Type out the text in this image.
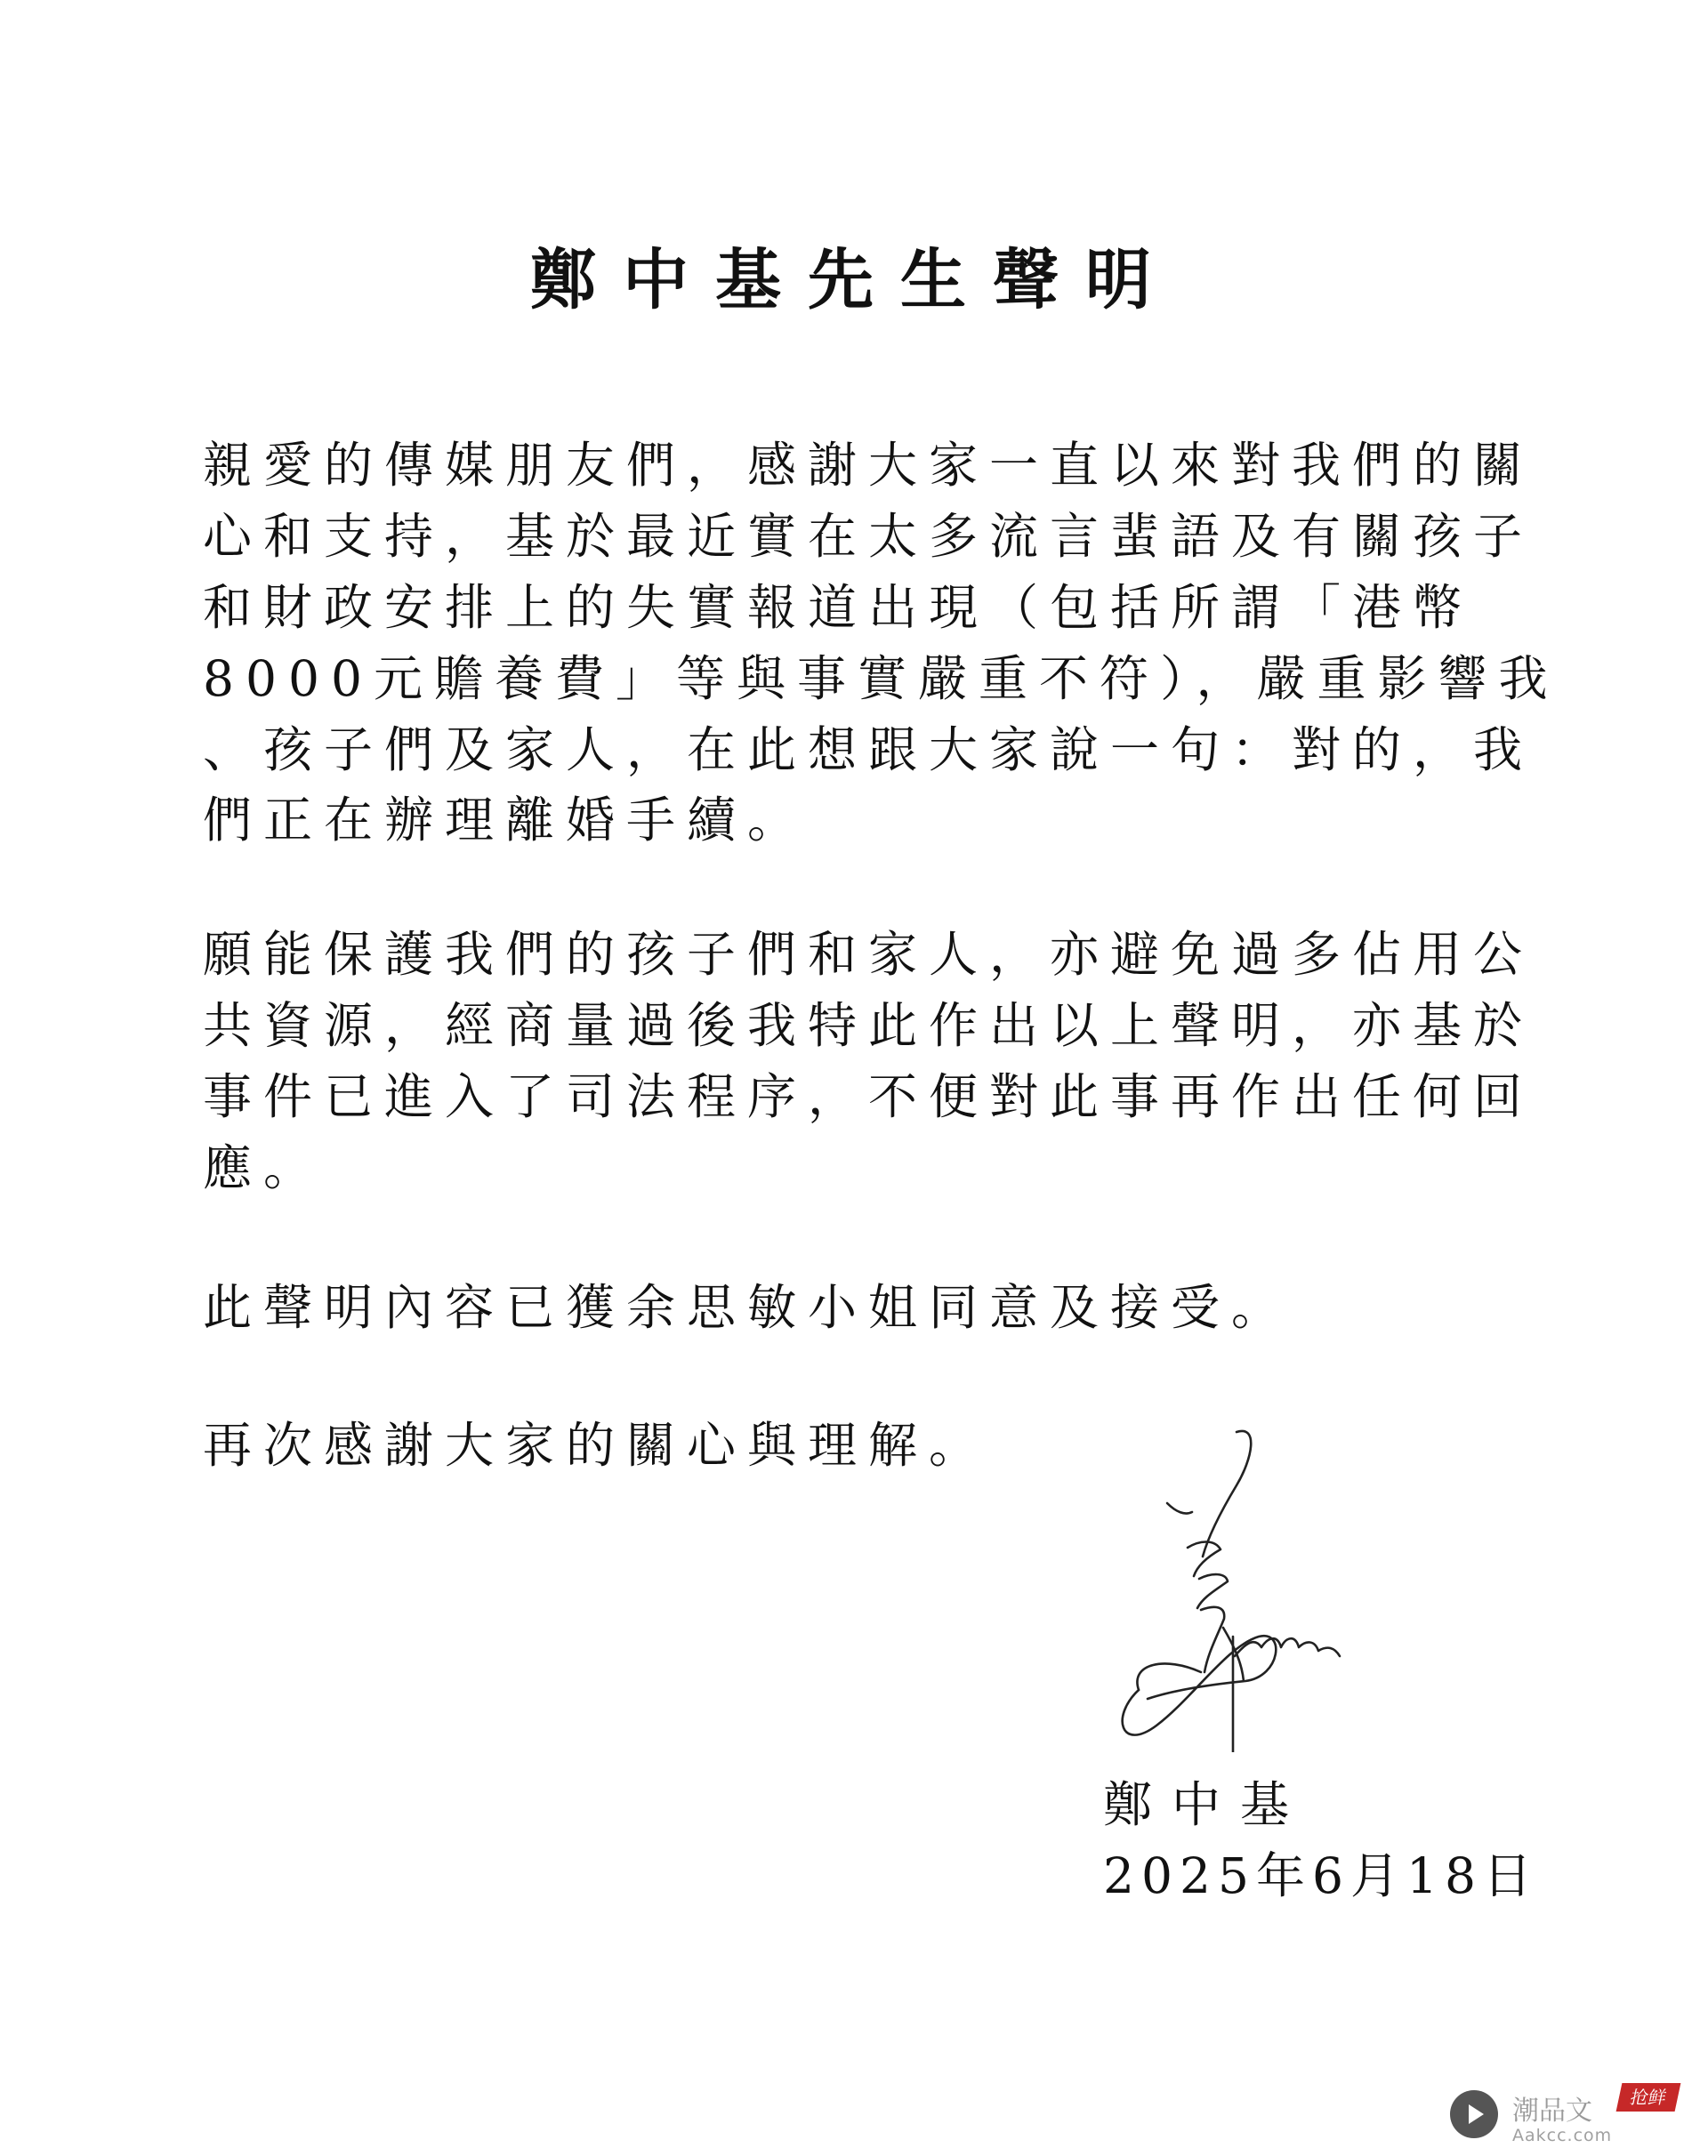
鄭中基先生聲明
親愛的傳媒朋友們，感謝大家一直以來對我們的關
心和支持，基於最近實在太多流言蜚語及有關孩子
和財政安排上的失實報道出現（包括所謂「港幣
8000元贍養費」等與事實嚴重不符），嚴重影響我
、孩子們及家人，在此想跟大家說一句：對的，我
們正在辦理離婚手續。
願能保護我們的孩子們和家人，亦避免過多佔用公
共資源，經商量過後我特此作出以上聲明，亦基於
事件已進入了司法程序，不便對此事再作出任何回
應。
此聲明內容已獲余思敏小姐同意及接受。
再次感謝大家的關心與理解。
鄭中基
2025年6月18日
潮品文	抢鲜
Aakcc.com
